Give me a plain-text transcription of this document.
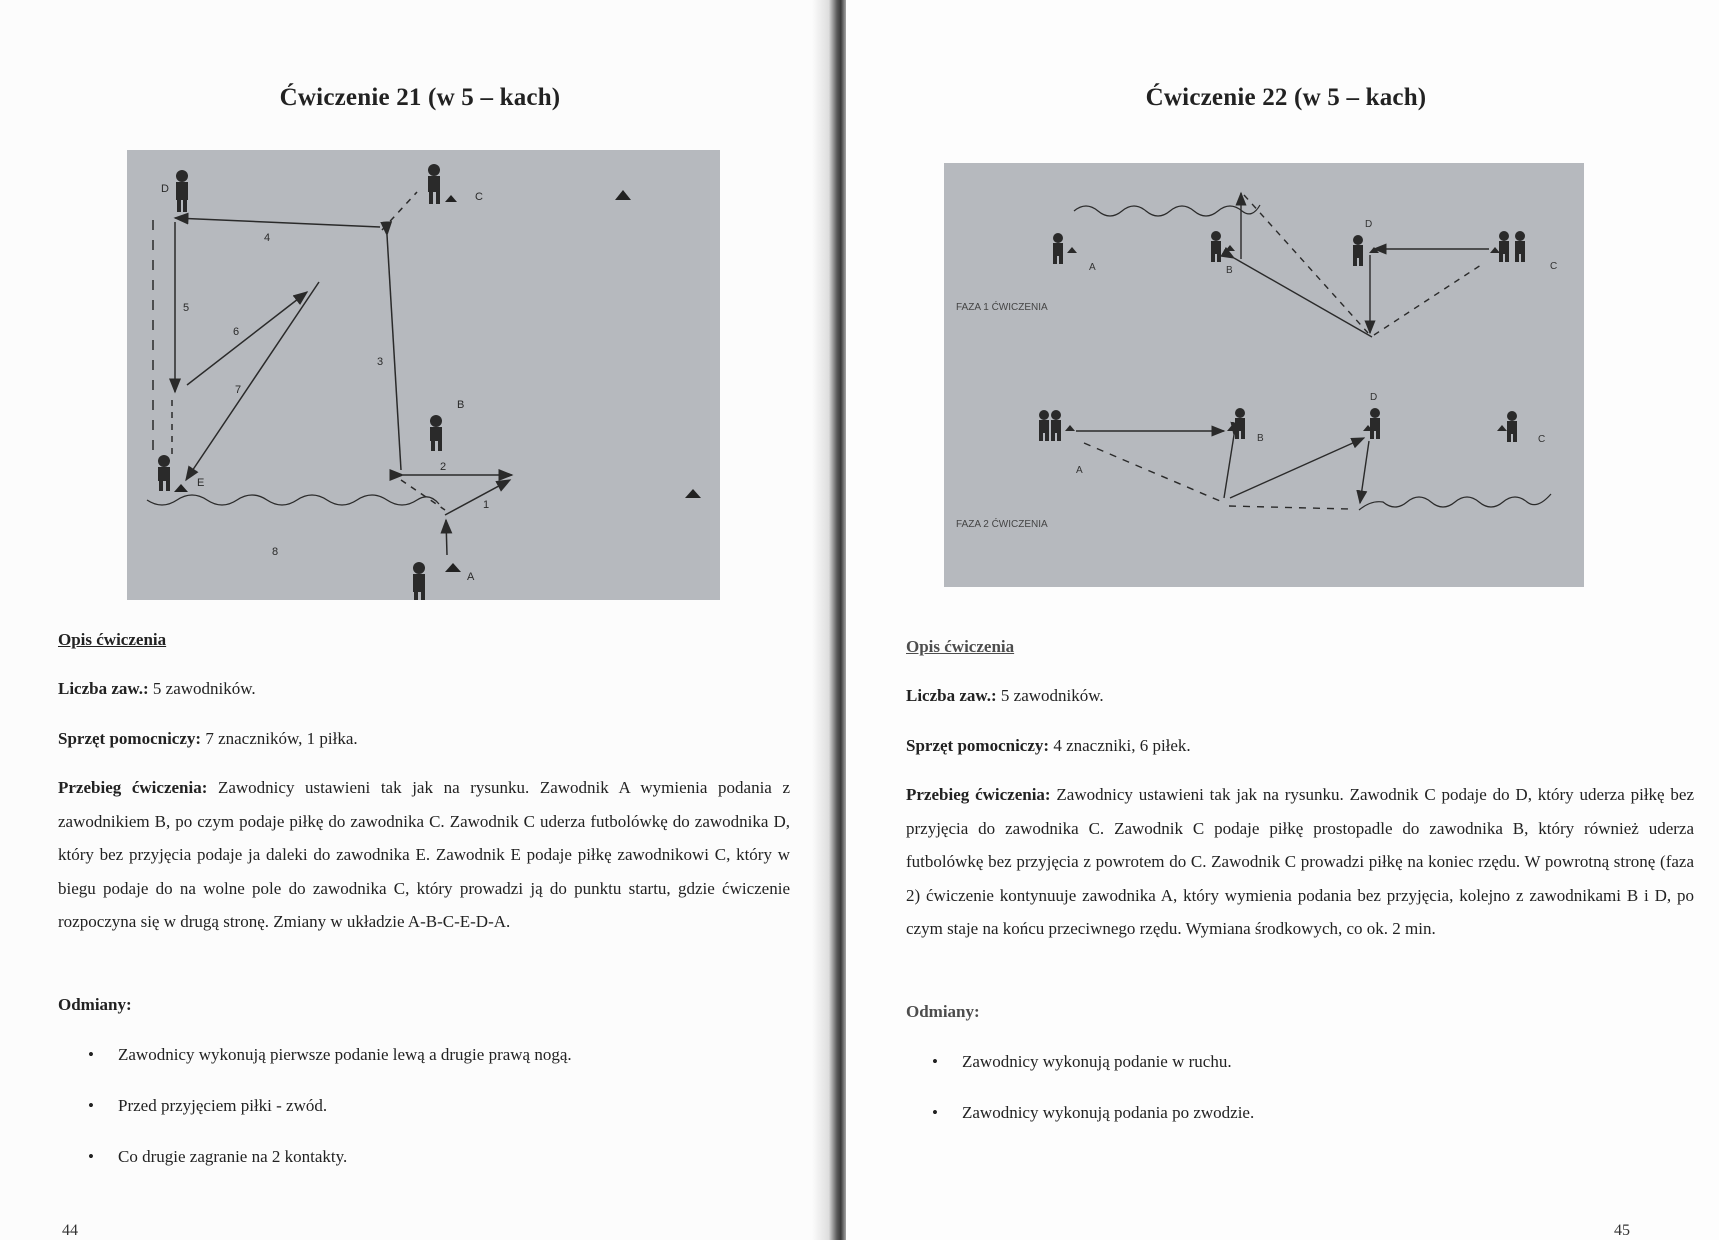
Ćwiczenie 21 (w 5 – kach)
D
C
B
E
A
1
2
3
4
5
6
7
8

Opis ćwiczenia

Liczba zaw.: 5 zawodników.

Sprzęt pomocniczy: 7 znaczników, 1 piłka.

Przebieg ćwiczenia: Zawodnicy ustawieni tak jak na rysunku. Zawodnik A wymienia podania z zawodnikiem B, po czym podaje piłkę do zawodnika C. Zawodnik C uderza futbolówkę do zawodnika D, który bez przyjęcia podaje ja daleki do zawodnika E. Zawodnik E podaje piłkę zawodnikowi C, który w biegu podaje do na wolne pole do zawodnika C, który prowadzi ją do punktu startu, gdzie ćwiczenie rozpoczyna się w drugą stronę. Zmiany w układzie A-B-C-E-D-A.

Odmiany:

• Zawodnicy wykonują pierwsze podanie lewą a drugie prawą nogą.
• Przed przyjęciem piłki - zwód.
• Co drugie zagranie na 2 kontakty.
44
Ćwiczenie 22 (w 5 – kach)
FAZA 1 ĆWICZENIA
FAZA 2 ĆWICZENIA
A	B
D
C
A
B
D
C

Opis ćwiczenia

Liczba zaw.: 5 zawodników.

Sprzęt pomocniczy: 4 znaczniki, 6 piłek.

Przebieg ćwiczenia: Zawodnicy ustawieni tak jak na rysunku. Zawodnik C podaje do D, który uderza piłkę bez przyjęcia do zawodnika C. Zawodnik C podaje piłkę prostopadle do zawodnika B, który również uderza futbolówkę bez przyjęcia z powrotem do C. Zawodnik C prowadzi piłkę na koniec rzędu. W powrotną stronę (faza 2) ćwiczenie kontynuuje zawodnika A, który wymienia podania bez przyjęcia, kolejno z zawodnikami B i D, po czym staje na końcu przeciwnego rzędu. Wymiana środkowych, co ok. 2 min.

Odmiany:

• Zawodnicy wykonują podanie w ruchu.
• Zawodnicy wykonują podania po zwodzie.
45
